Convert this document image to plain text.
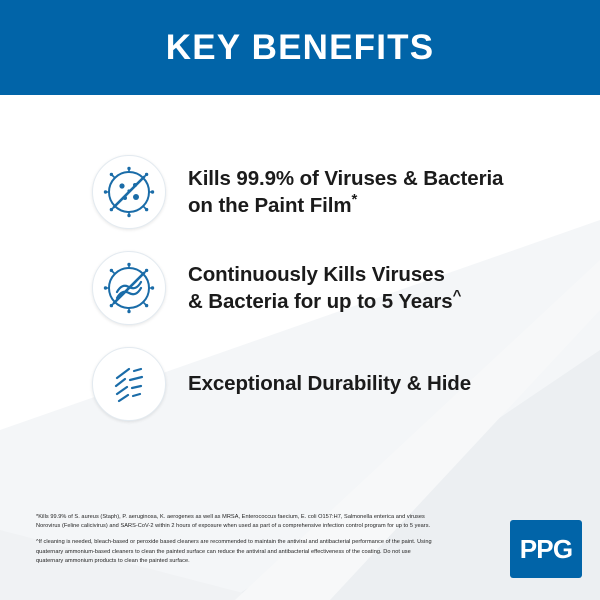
KEY BENEFITS
Kills 99.9% of Viruses & Bacteria
on the Paint Film*
Continuously Kills Viruses
& Bacteria for up to 5 Years^
Exceptional Durability & Hide
*Kills 99.9% of S. aureus (Staph), P. aeruginosa, K. aerogenes as well as MRSA, Enterococcus faecium, E. coli O157:H7, Salmonella enterica and viruses Norovirus (Feline calicivirus) and SARS-CoV-2 within 2 hours of exposure when used as part of a comprehensive infection control program for up to 5 years.
^If cleaning is needed, bleach-based or peroxide based cleaners are recommended to maintain the antiviral and antibacterial performance of the paint. Using quaternary ammonium-based cleaners to clean the painted surface can reduce the antiviral and antibacterial effectiveness of the coating. Do not use quaternary ammonium products to clean the painted surface.	PPG
